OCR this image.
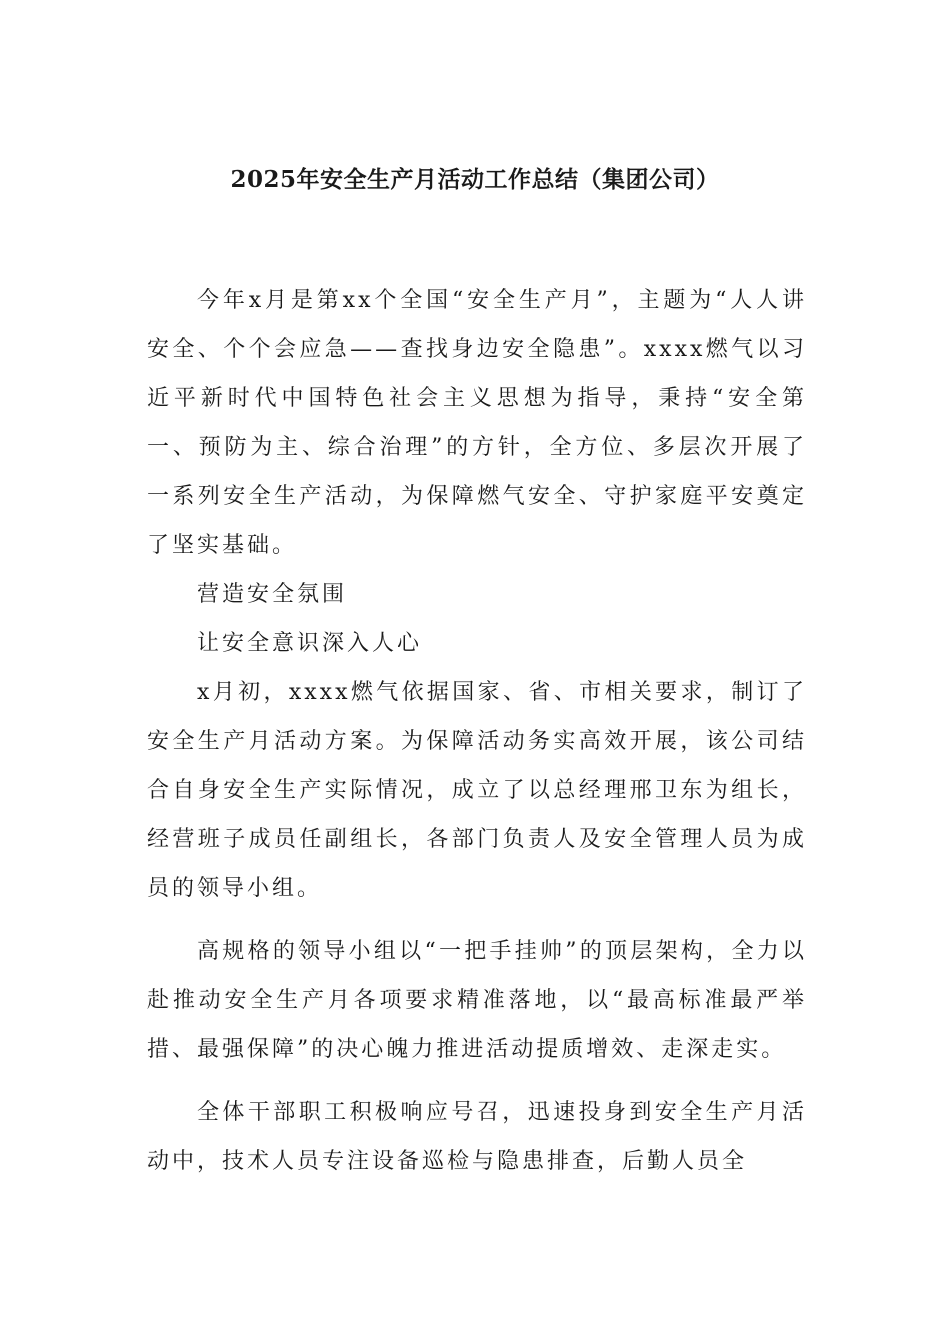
2025年安全生产月活动工作总结（集团公司）

今年x月是第xx个全国“安全生产月”，主题为“人人讲安全、个个会应急——查找身边安全隐患”。xxxx燃气以习近平新时代中国特色社会主义思想为指导，秉持“安全第一、预防为主、综合治理”的方针，全方位、多层次开展了一系列安全生产活动，为保障燃气安全、守护家庭平安奠定了坚实基础。

营造安全氛围

让安全意识深入人心

x月初，xxxx燃气依据国家、省、市相关要求，制订了安全生产月活动方案。为保障活动务实高效开展，该公司结合自身安全生产实际情况，成立了以总经理邢卫东为组长，经营班子成员任副组长，各部门负责人及安全管理人员为成员的领导小组。

高规格的领导小组以“一把手挂帅”的顶层架构，全力以赴推动安全生产月各项要求精准落地，以“最高标准最严举措、最强保障”的决心魄力推进活动提质增效、走深走实。

全体干部职工积极响应号召，迅速投身到安全生产月活动中，技术人员专注设备巡检与隐患排查，后勤人员全
